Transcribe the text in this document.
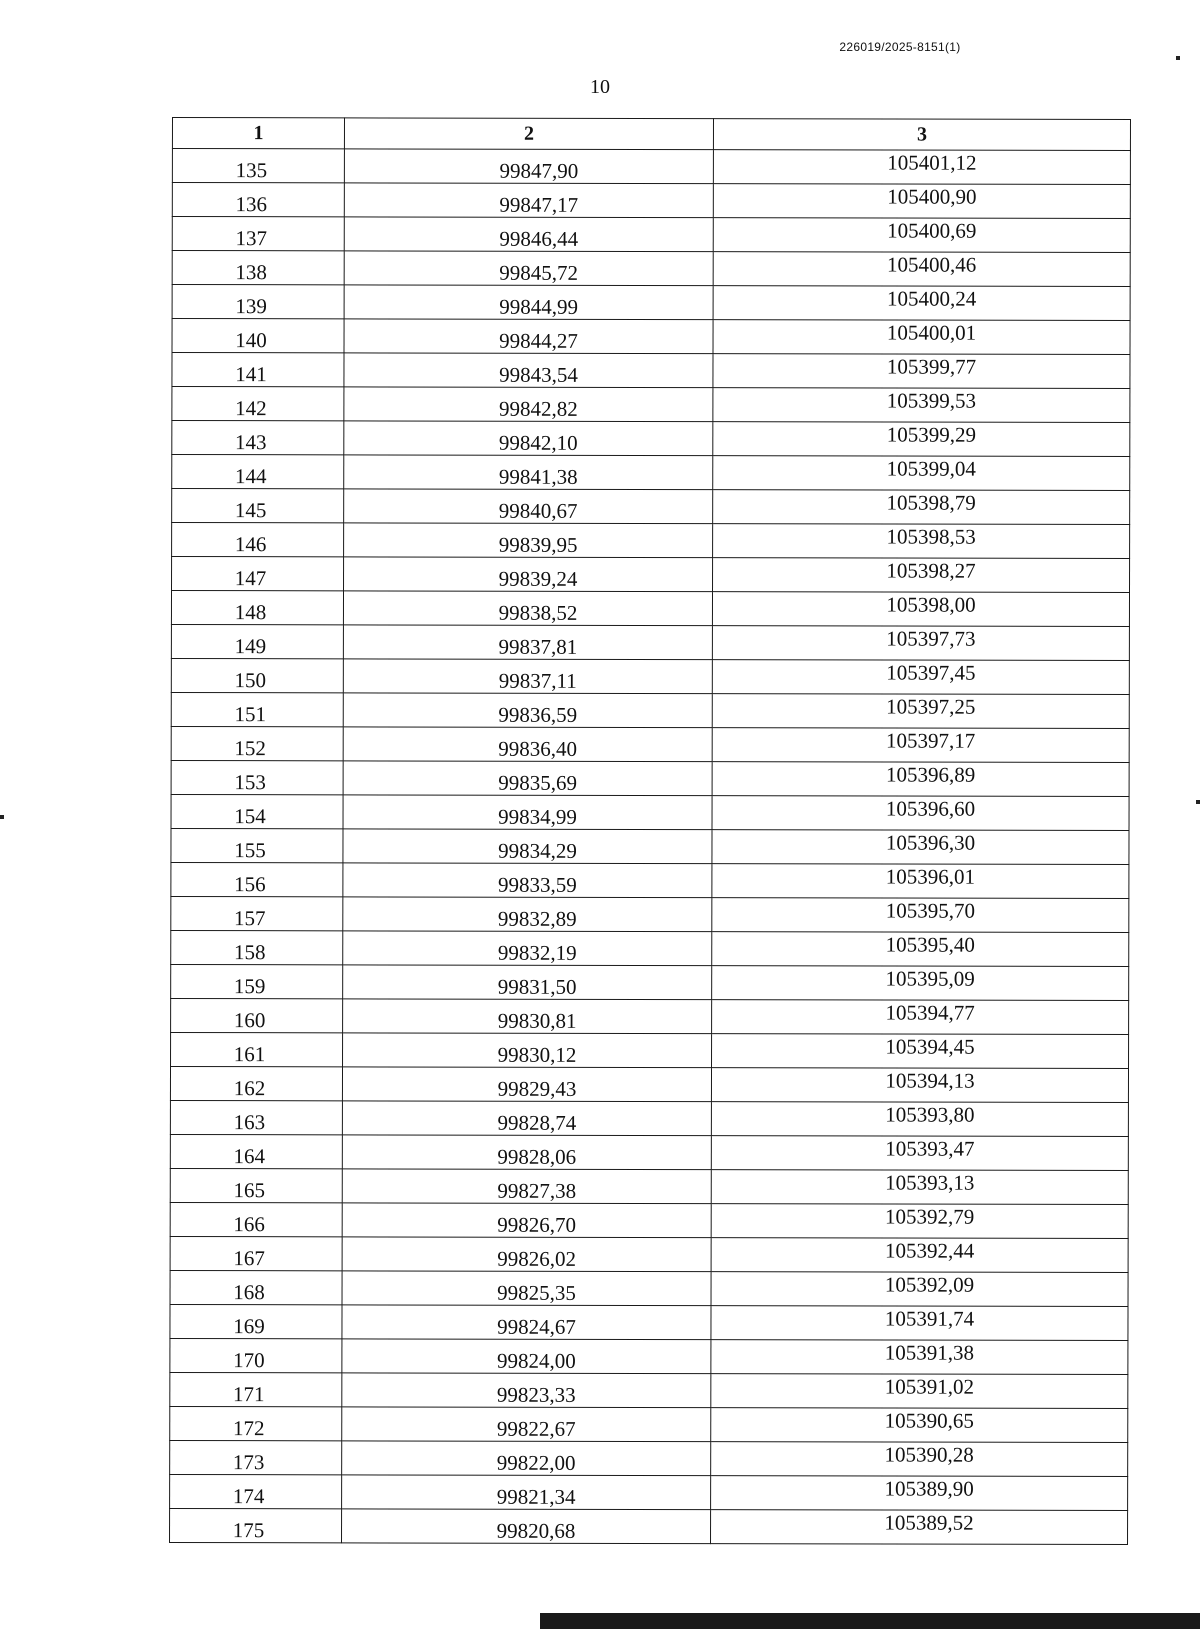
226019/2025-8151(1)
10
1	2	3
135	99847,90	105401,12
136	99847,17	105400,90
137	99846,44	105400,69
138	99845,72	105400,46
139	99844,99	105400,24
140	99844,27	105400,01
141	99843,54	105399,77
142	99842,82	105399,53
143	99842,10	105399,29
144	99841,38	105399,04
145	99840,67	105398,79
146	99839,95	105398,53
147	99839,24	105398,27
148	99838,52	105398,00
149	99837,81	105397,73
150	99837,11	105397,45
151	99836,59	105397,25
152	99836,40	105397,17
153	99835,69	105396,89
154	99834,99	105396,60
155	99834,29	105396,30
156	99833,59	105396,01
157	99832,89	105395,70
158	99832,19	105395,40
159	99831,50	105395,09
160	99830,81	105394,77
161	99830,12	105394,45
162	99829,43	105394,13
163	99828,74	105393,80
164	99828,06	105393,47
165	99827,38	105393,13
166	99826,70	105392,79
167	99826,02	105392,44
168	99825,35	105392,09
169	99824,67	105391,74
170	99824,00	105391,38
171	99823,33	105391,02
172	99822,67	105390,65
173	99822,00	105390,28
174	99821,34	105389,90
175	99820,68	105389,52
